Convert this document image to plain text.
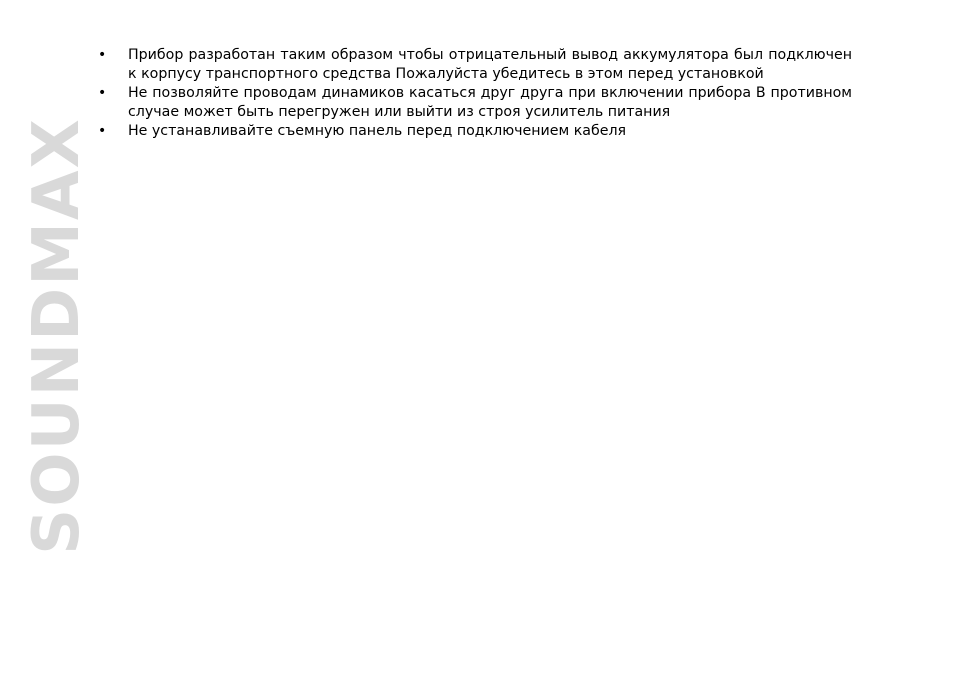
SOUNDMAX
• Прибор разработан таким образом чтобы отрицательный вывод аккумулятора был подключен к корпусу транспортного средства Пожалуйста убедитесь в этом перед установкой
• Не позволяйте проводам динамиков касаться друг друга при включении прибора В противном случае может быть перегружен или выйти из строя усилитель питания
• Не устанавливайте съемную панель перед подключением кабеля
